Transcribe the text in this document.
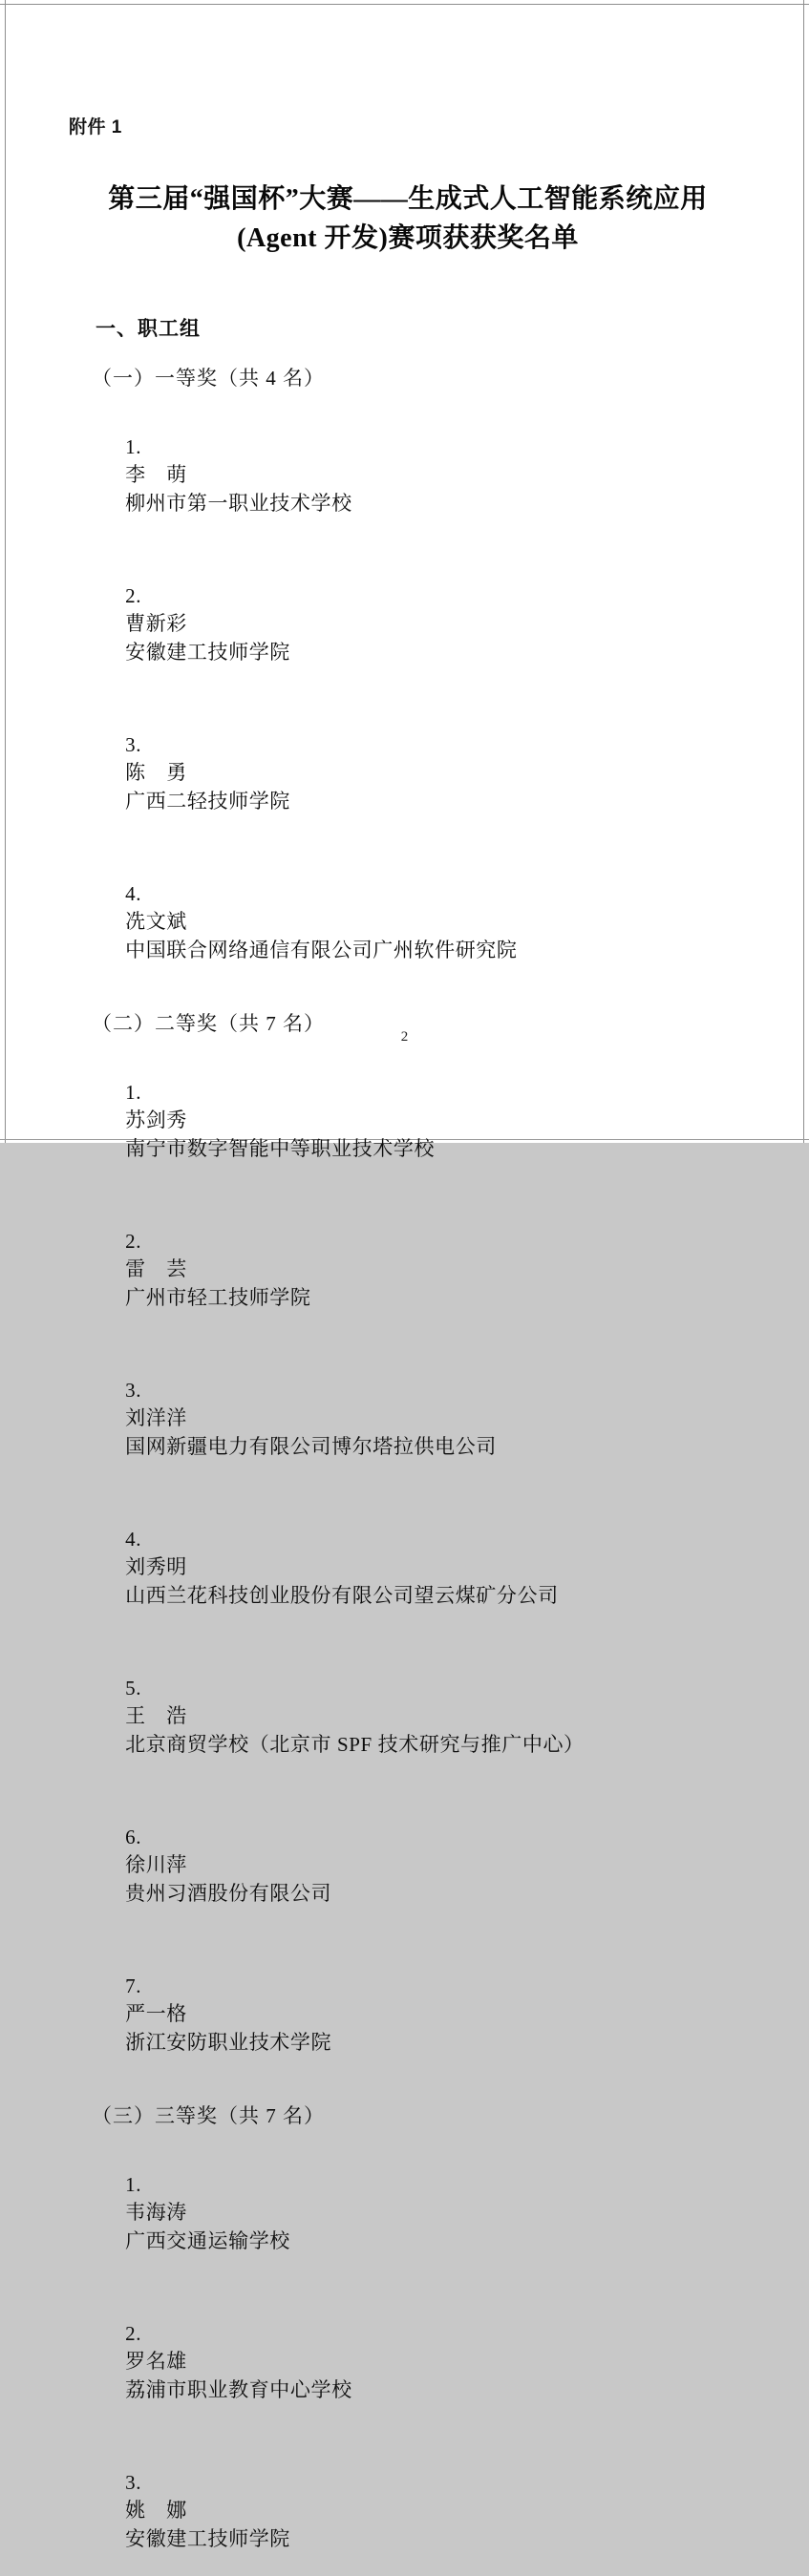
附件 1
第三届“强国杯”大赛——生成式人工智能系统应用
(Agent 开发)赛项获获奖名单
一、职工组
（一）一等奖（共 4 名）

1.
李　萌
柳州市第一职业技术学校

2.
曹新彩
安徽建工技师学院

3.
陈　勇
广西二轻技师学院

4.
冼文斌
中国联合网络通信有限公司广州软件研究院

（二）二等奖（共 7 名）

1.
苏剑秀
南宁市数字智能中等职业技术学校

2.
雷　芸
广州市轻工技师学院

3.
刘洋洋
国网新疆电力有限公司博尔塔拉供电公司

4.
刘秀明
山西兰花科技创业股份有限公司望云煤矿分公司

5.
王　浩
北京商贸学校（北京市 SPF 技术研究与推广中心）

6.
徐川萍
贵州习酒股份有限公司

7.
严一格
浙江安防职业技术学院

（三）三等奖（共 7 名）

1.
韦海涛
广西交通运输学校

2.
罗名雄
荔浦市职业教育中心学校

3.
姚　娜
安徽建工技师学院

2
